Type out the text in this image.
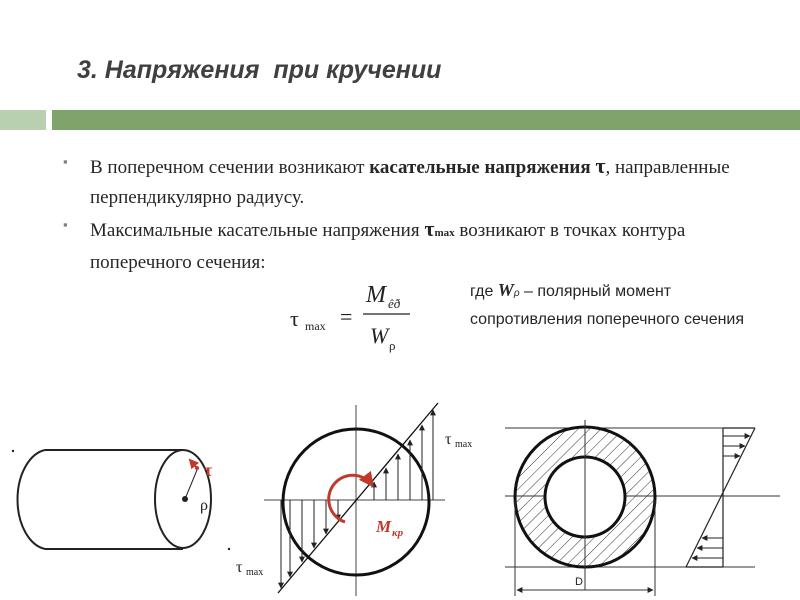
3. Напряжения  при кручении
▪ В поперечном сечении возникают касательные напряжения τ, направленные перпендикулярно радиусу.
▪ Максимальные касательные напряжения τmax возникают в точках контура поперечного сечения:
где Wρ – полярный момент сопротивления поперечного сечения
τ max =
M êð
W ρ
ρ
τ
M кр
τ max
τ max
D
